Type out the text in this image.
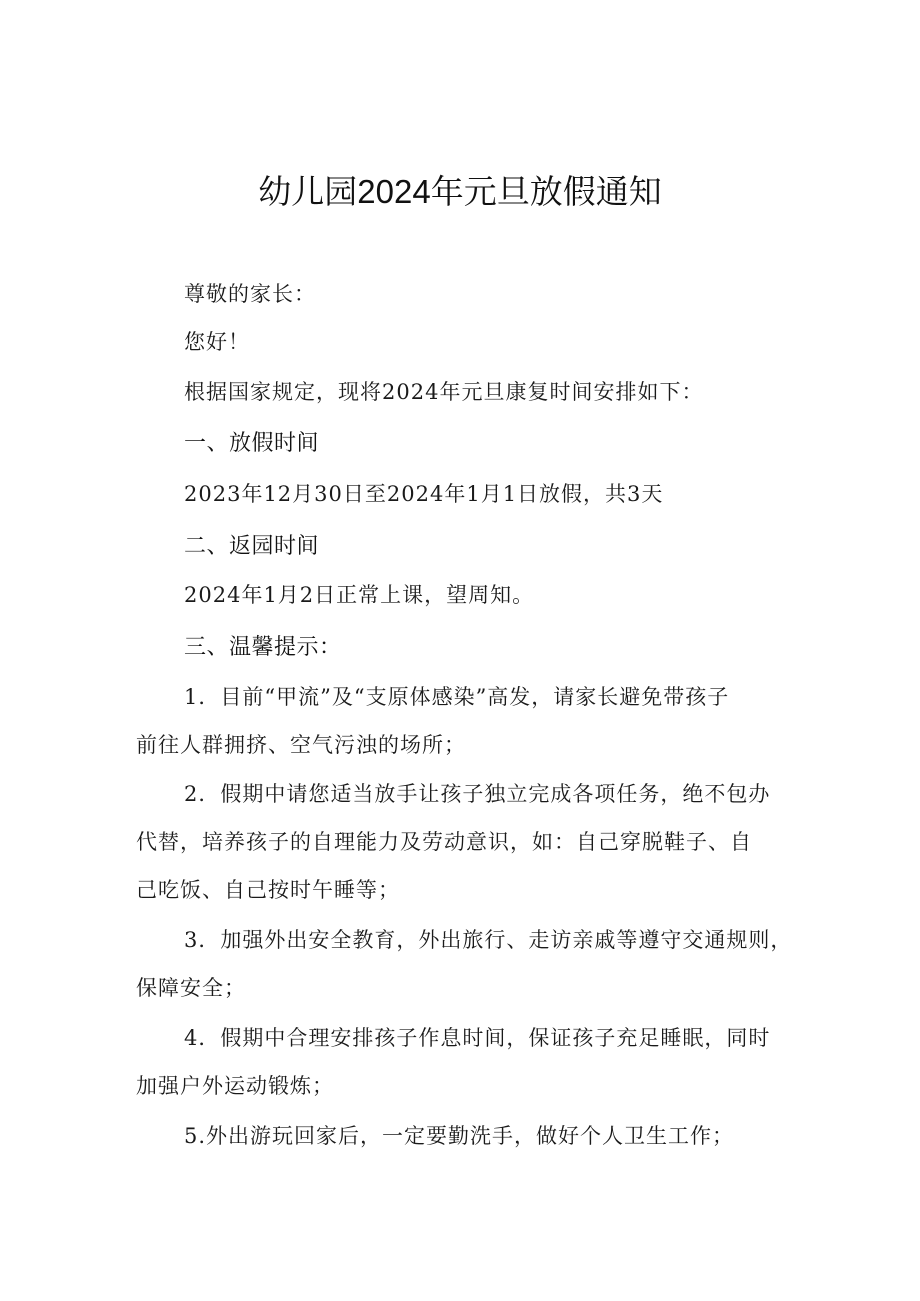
幼儿园2024年元旦放假通知
尊敬的家长：
您好！
根据国家规定，现将2024年元旦康复时间安排如下：
一、放假时间
2023年12月30日至2024年1月1日放假，共3天
二、返园时间
2024年1月2日正常上课，望周知。
三、温馨提示：
1．目前“甲流”及“支原体感染”高发，请家长避免带孩子
前往人群拥挤、空气污浊的场所；
2．假期中请您适当放手让孩子独立完成各项任务，绝不包办
代替，培养孩子的自理能力及劳动意识，如：自己穿脱鞋子、自
己吃饭、自己按时午睡等；
3．加强外出安全教育，外出旅行、走访亲戚等遵守交通规则，
保障安全；
4．假期中合理安排孩子作息时间，保证孩子充足睡眠，同时
加强户外运动锻炼；
5.外出游玩回家后，一定要勤洗手，做好个人卫生工作；
